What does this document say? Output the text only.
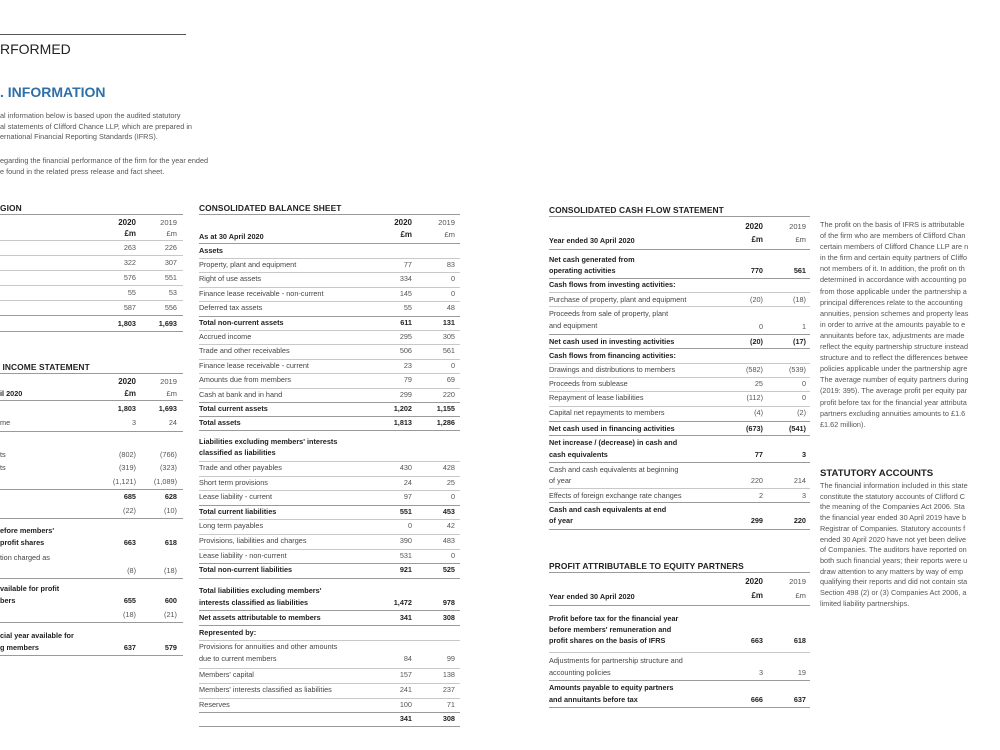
RFORMED
. INFORMATION
al information below is based upon the audited statutory
al statements of Clifford Chance LLP, which are prepared in
ernational Financial Reporting Standards (IFRS).
egarding the financial performance of the firm for the year ended
e found in the related press release and fact sheet.
GION
2020	2019
£m	£m
263	226
322	307
576	551
55	53
587	556
1,803	1,693
INCOME STATEMENT
2020	2019
il 2020	£m	£m
1,803	1,693
me	3	24
ts	(802)	(766)
ts	(319)	(323)
(1,121)	(1,089)
685	628
(22)	(10)
efore members'
profit shares	663	618
tion charged as
(8)	(18)
vailable for profit
bers	655	600
(18)	(21)
cial year available for
g members	637	579
CONSOLIDATED BALANCE SHEET
2020	2019
As at 30 April 2020	£m	£m
Assets
Property, plant and equipment	77	83
Right of use assets	334	0
Finance lease receivable - non-current	145	0
Deferred tax assets	55	48
Total non-current assets	611	131
Accrued income	295	305
Trade and other receivables	506	561
Finance lease receivable - current	23	0
Amounts due from members	79	69
Cash at bank and in hand	299	220
Total current assets	1,202	1,155
Total assets	1,813	1,286
Liabilities excluding members' interests
classified as liabilities
Trade and other payables	430	428
Short term provisions	24	25
Lease liability - current	97	0
Total current liabilities	551	453
Long term payables	0	42
Provisions, liabilities and charges	390	483
Lease liability - non-current	531	0
Total non-current liabilities	921	525
Total liabilities excluding members'
interests classified as liabilities	1,472	978
Net assets attributable to members	341	308
Represented by:
Provisions for annuities and other amounts
due to current members	84	99
Members' capital	157	138
Members' interests classified as liabilities	241	237
Reserves	100	71
341	308
CONSOLIDATED CASH FLOW STATEMENT
2020	2019
Year ended 30 April 2020	£m	£m
Net cash generated from
operating activities	770	561
Cash flows from investing activities:
Purchase of property, plant and equipment	(20)	(18)
Proceeds from sale of property, plant
and equipment	0	1
Net cash used in investing activities	(20)	(17)
Cash flows from financing activities:
Drawings and distributions to members	(582)	(539)
Proceeds from sublease	25	0
Repayment of lease liabilities	(112)	0
Capital net repayments to members	(4)	(2)
Net cash used in financing activities	(673)	(541)
Net increase / (decrease) in cash and
cash equivalents	77	3
Cash and cash equivalents at beginning
of year	220	214
Effects of foreign exchange rate changes	2	3
Cash and cash equivalents at end
of year	299	220
PROFIT ATTRIBUTABLE TO EQUITY PARTNERS
2020	2019
Year ended 30 April 2020	£m	£m
Profit before tax for the financial year
before members' remuneration and
profit shares on the basis of IFRS	663	618
Adjustments for partnership structure and
accounting policies	3	19
Amounts payable to equity partners
and annuitants before tax	666	637
The profit on the basis of IFRS is attributable
of the firm who are members of Clifford Chan
certain members of Clifford Chance LLP are n
in the firm and certain equity partners of Cliffo
not members of it. In addition, the profit on th
determined in accordance with accounting po
from those applicable under the partnership a
principal differences relate to the accounting
annuities, pension schemes and property leas
in order to arrive at the amounts payable to e
annuitants before tax, adjustments are made
reflect the equity partnership structure instead
structure and to reflect the differences betwee
policies applicable under the partnership agre
The average number of equity partners during
(2019: 395). The average profit per equity par
profit before tax for the financial year attributa
partners excluding annuities amounts to £1.6
£1.62 million).
STATUTORY ACCOUNTS
The financial information included in this state
constitute the statutory accounts of Clifford C
the meaning of the Companies Act 2006. Sta
the financial year ended 30 April 2019 have b
Registrar of Companies. Statutory accounts f
ended 30 April 2020 have not yet been delive
of Companies. The auditors have reported on
both such financial years; their reports were u
draw attention to any matters by way of emp
qualifying their reports and did not contain sta
Section 498 (2) or (3) Companies Act 2006, a
limited liability partnerships.
